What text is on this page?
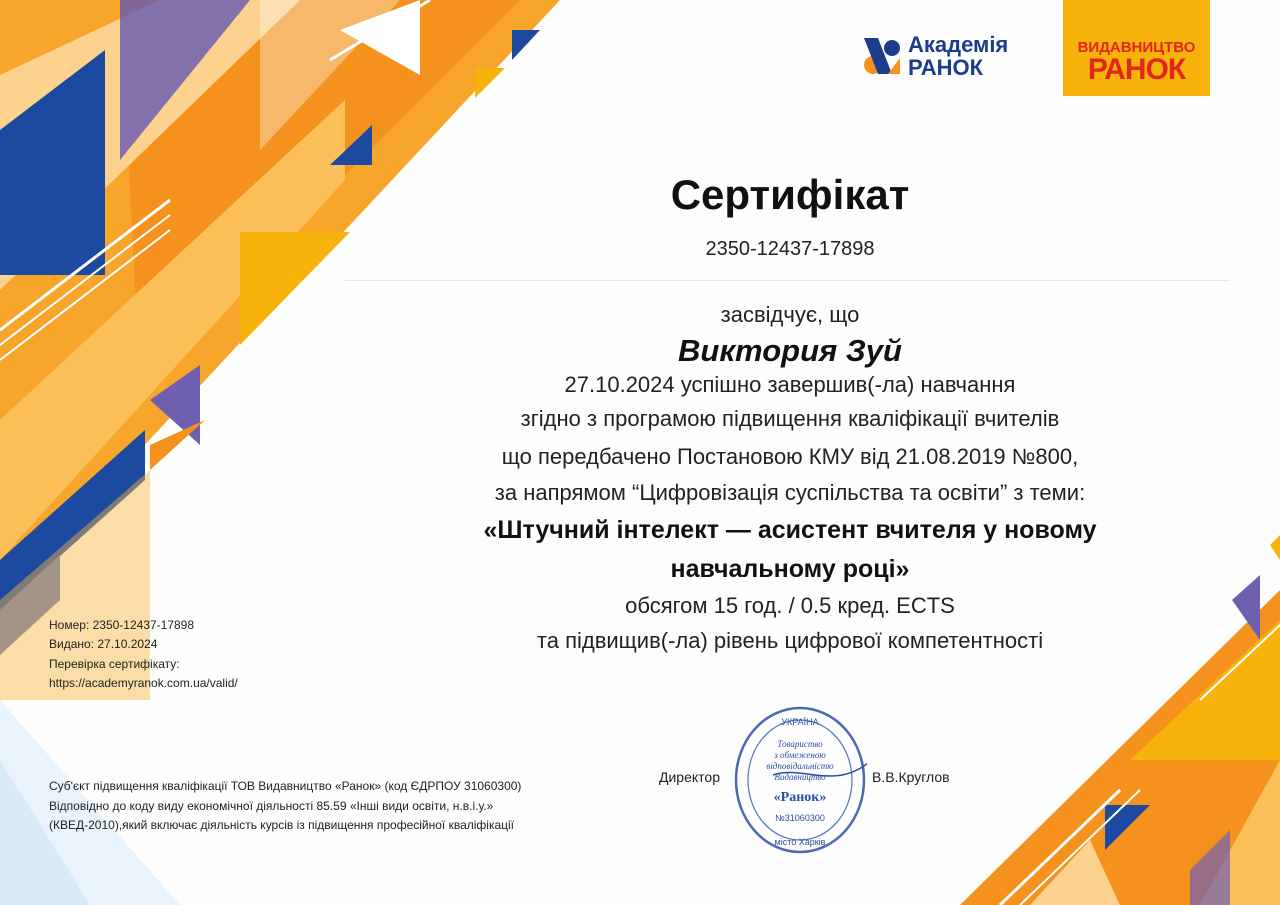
Академія
РАНОК
ВИДАВНИЦТВО
РАНОК
Сертифікат
2350-12437-17898
засвідчує, що
Виктория Зуй
27.10.2024 успішно завершив(-ла) навчання
згідно з програмою підвищення кваліфікації вчителів
що передбачено Постановою КМУ від 21.08.2019 №800,
за напрямом “Цифровізація суспільства та освіти” з теми:
«Штучний інтелект — асистент вчителя у новому
навчальному році»
обсягом 15 год. / 0.5 кред. ECTS
та підвищив(-ла) рівень цифрової компетентності
Номер: 2350-12437-17898
Видано: 27.10.2024
Перевірка сертифікату:
https://academyranok.com.ua/valid/
Суб'єкт підвищення кваліфікації ТОВ Видавництво «Ранок» (код ЄДРПОУ 31060300)
Відповідно до коду виду економічної діяльності 85.59 «Інші види освіти, н.в.і.у.»
(КВЕД-2010),який включає діяльність курсів із підвищення професійної кваліфікації
УКРАЇНА
місто Харків
Товариство
з обмеженою
відповідальністю
Видавництво
«Ранок»
№31060300
Директор	В.В.Круглов
